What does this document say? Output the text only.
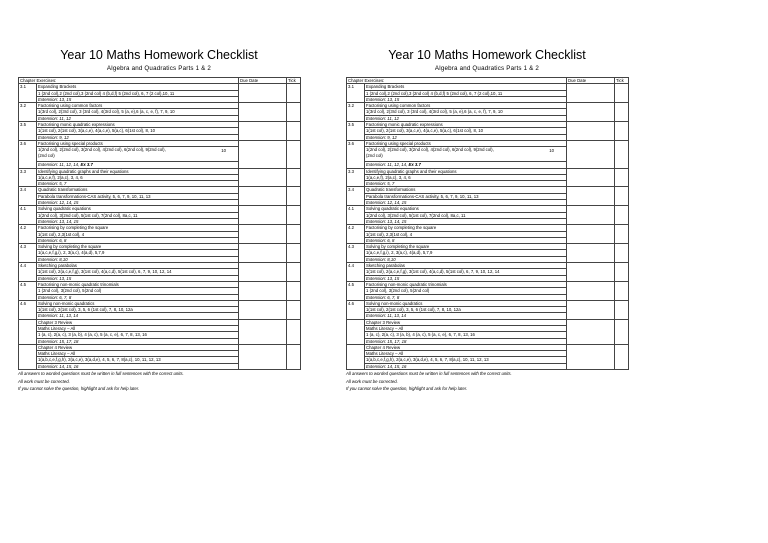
Year 10 Maths Homework Checklist
Algebra and Quadratics Parts 1 & 2
Chapter Exercises:		Due Date	Tick
3.1	Expanding Brackets		
	1 (2nd col),2 (2nd col),3 (2nd col) 4 (b,d,f) 5 (2nd col), 6, 7 (2 col),10, 11		
	Extension: 13, 15		
3.2	Factorising using common factors		
	1(3rd col), 2(3rd col), 3 (3rd col), 4(3rd col), 5 (a, e),6 (a, c, e, f), 7, 9, 10		
	Extension: 11, 12		
3.5	Factorising monic quadratic expressions		
	1(1st col), 2(1st col), 3(a,c,e), 4(a,c,e), 5(a,c), 6(1st col), 8, 10		
	Extension: 9, 12		
3.6	Factorising using special products		

	1(2nd col), 2(2nd col), 3(2nd col), 4(2nd col), 6(2nd col), 9(2nd col),
(2nd col)
10		

	Extension: 11, 12, 14, Ex 3.7		
3.3	Identifying quadratic graphs and their equations		
	1(a,c,e,f), 2(a,c), 3, 4, 6		
	Extension: 5, 7		
3.4	Quadratic transformations		
	Parabola transformations-CAS activity, 5, 6, 7, 9, 10, 11, 13		
	Extension: 12, 14, 15		
4.1	Solving quadratic equations		
	1(2nd col), 3(2nd col), 5(1st col), 7(2nd col), 8a,c, 11		
	Extension: 13, 14, 15		
4.2	Factorising by completing the square		
	1(1st col), 2,3(1st col), 4		
	Extension: 6, 8		
4.3	Solving by completing the square		
	1(a,c,e,f,g,i), 2, 3(a,c), 4(a,d), 5,7,9		
	Extension: 8,10		
4.4	Sketching parabolas		
	1(1st col), 2(a,c,e,f,g), 3(1st col), 4(a,c,d), 5(1st col), 6, 7, 9, 10, 12, 14		
	Extension: 13, 15		
4.5	Factorising non-monic quadratic trinomials		
	1 (2nd col), 3(2nd col), 5(2nd col)		
	Extension: 6, 7, 8		
4.6	Solving non-monic quadratics		
	1(1st col), 2(1st col), 3, 5, 6 (1st col), 7, 8, 10, 12a		
	Extension: 11, 13, 14		
	Chapter 3 Review		
	Maths Literacy – All		
	1 (a, c), 2(a, c), 3 (a, b), 4 (a, c), 5 (a, c, e), 6, 7, 8, 13, 16		
	Extension: 15, 17, 18		
	Chapter 4 Review		
	Maths Literacy – All		
	1(a,b,c,e,f,g,h), 2(a,c,e), 3(a,d,e), 4, 5, 6, 7, 8(a,c), 10, 11, 12, 13		
	Extension: 14, 15, 16		
All answers to worded questions must be written in full sentences with the correct units.
All work must be corrected.
If you cannot solve the question, highlight and ask for help later.
Year 10 Maths Homework Checklist
Algebra and Quadratics Parts 1 & 2
Chapter Exercises:		Due Date	Tick
3.1	Expanding Brackets		
	1 (2nd col),2 (2nd col),3 (2nd col) 4 (b,d,f) 5 (2nd col), 6, 7 (2 col),10, 11		
	Extension: 13, 15		
3.2	Factorising using common factors		
	1(3rd col), 2(3rd col), 3 (3rd col), 4(3rd col), 5 (a, e),6 (a, c, e, f), 7, 9, 10		
	Extension: 11, 12		
3.5	Factorising monic quadratic expressions		
	1(1st col), 2(1st col), 3(a,c,e), 4(a,c,e), 5(a,c), 6(1st col), 8, 10		
	Extension: 9, 12		
3.6	Factorising using special products		

	1(2nd col), 2(2nd col), 3(2nd col), 4(2nd col), 6(2nd col), 9(2nd col),
(2nd col)
10		

	Extension: 11, 12, 14, Ex 3.7		
3.3	Identifying quadratic graphs and their equations		
	1(a,c,e,f), 2(a,c), 3, 4, 6		
	Extension: 5, 7		
3.4	Quadratic transformations		
	Parabola transformations-CAS activity, 5, 6, 7, 9, 10, 11, 13		
	Extension: 12, 14, 15		
4.1	Solving quadratic equations		
	1(2nd col), 3(2nd col), 5(1st col), 7(2nd col), 8a,c, 11		
	Extension: 13, 14, 15		
4.2	Factorising by completing the square		
	1(1st col), 2,3(1st col), 4		
	Extension: 6, 8		
4.3	Solving by completing the square		
	1(a,c,e,f,g,i), 2, 3(a,c), 4(a,d), 5,7,9		
	Extension: 8,10		
4.4	Sketching parabolas		
	1(1st col), 2(a,c,e,f,g), 3(1st col), 4(a,c,d), 5(1st col), 6, 7, 9, 10, 12, 14		
	Extension: 13, 15		
4.5	Factorising non-monic quadratic trinomials		
	1 (2nd col), 3(2nd col), 5(2nd col)		
	Extension: 6, 7, 8		
4.6	Solving non-monic quadratics		
	1(1st col), 2(1st col), 3, 5, 6 (1st col), 7, 8, 10, 12a		
	Extension: 11, 13, 14		
	Chapter 3 Review		
	Maths Literacy – All		
	1 (a, c), 2(a, c), 3 (a, b), 4 (a, c), 5 (a, c, e), 6, 7, 8, 13, 16		
	Extension: 15, 17, 18		
	Chapter 4 Review		
	Maths Literacy – All		
	1(a,b,c,e,f,g,h), 2(a,c,e), 3(a,d,e), 4, 5, 6, 7, 8(a,c), 10, 11, 12, 13		
	Extension: 14, 15, 16		
All answers to worded questions must be written in full sentences with the correct units.
All work must be corrected.
If you cannot solve the question, highlight and ask for help later.
